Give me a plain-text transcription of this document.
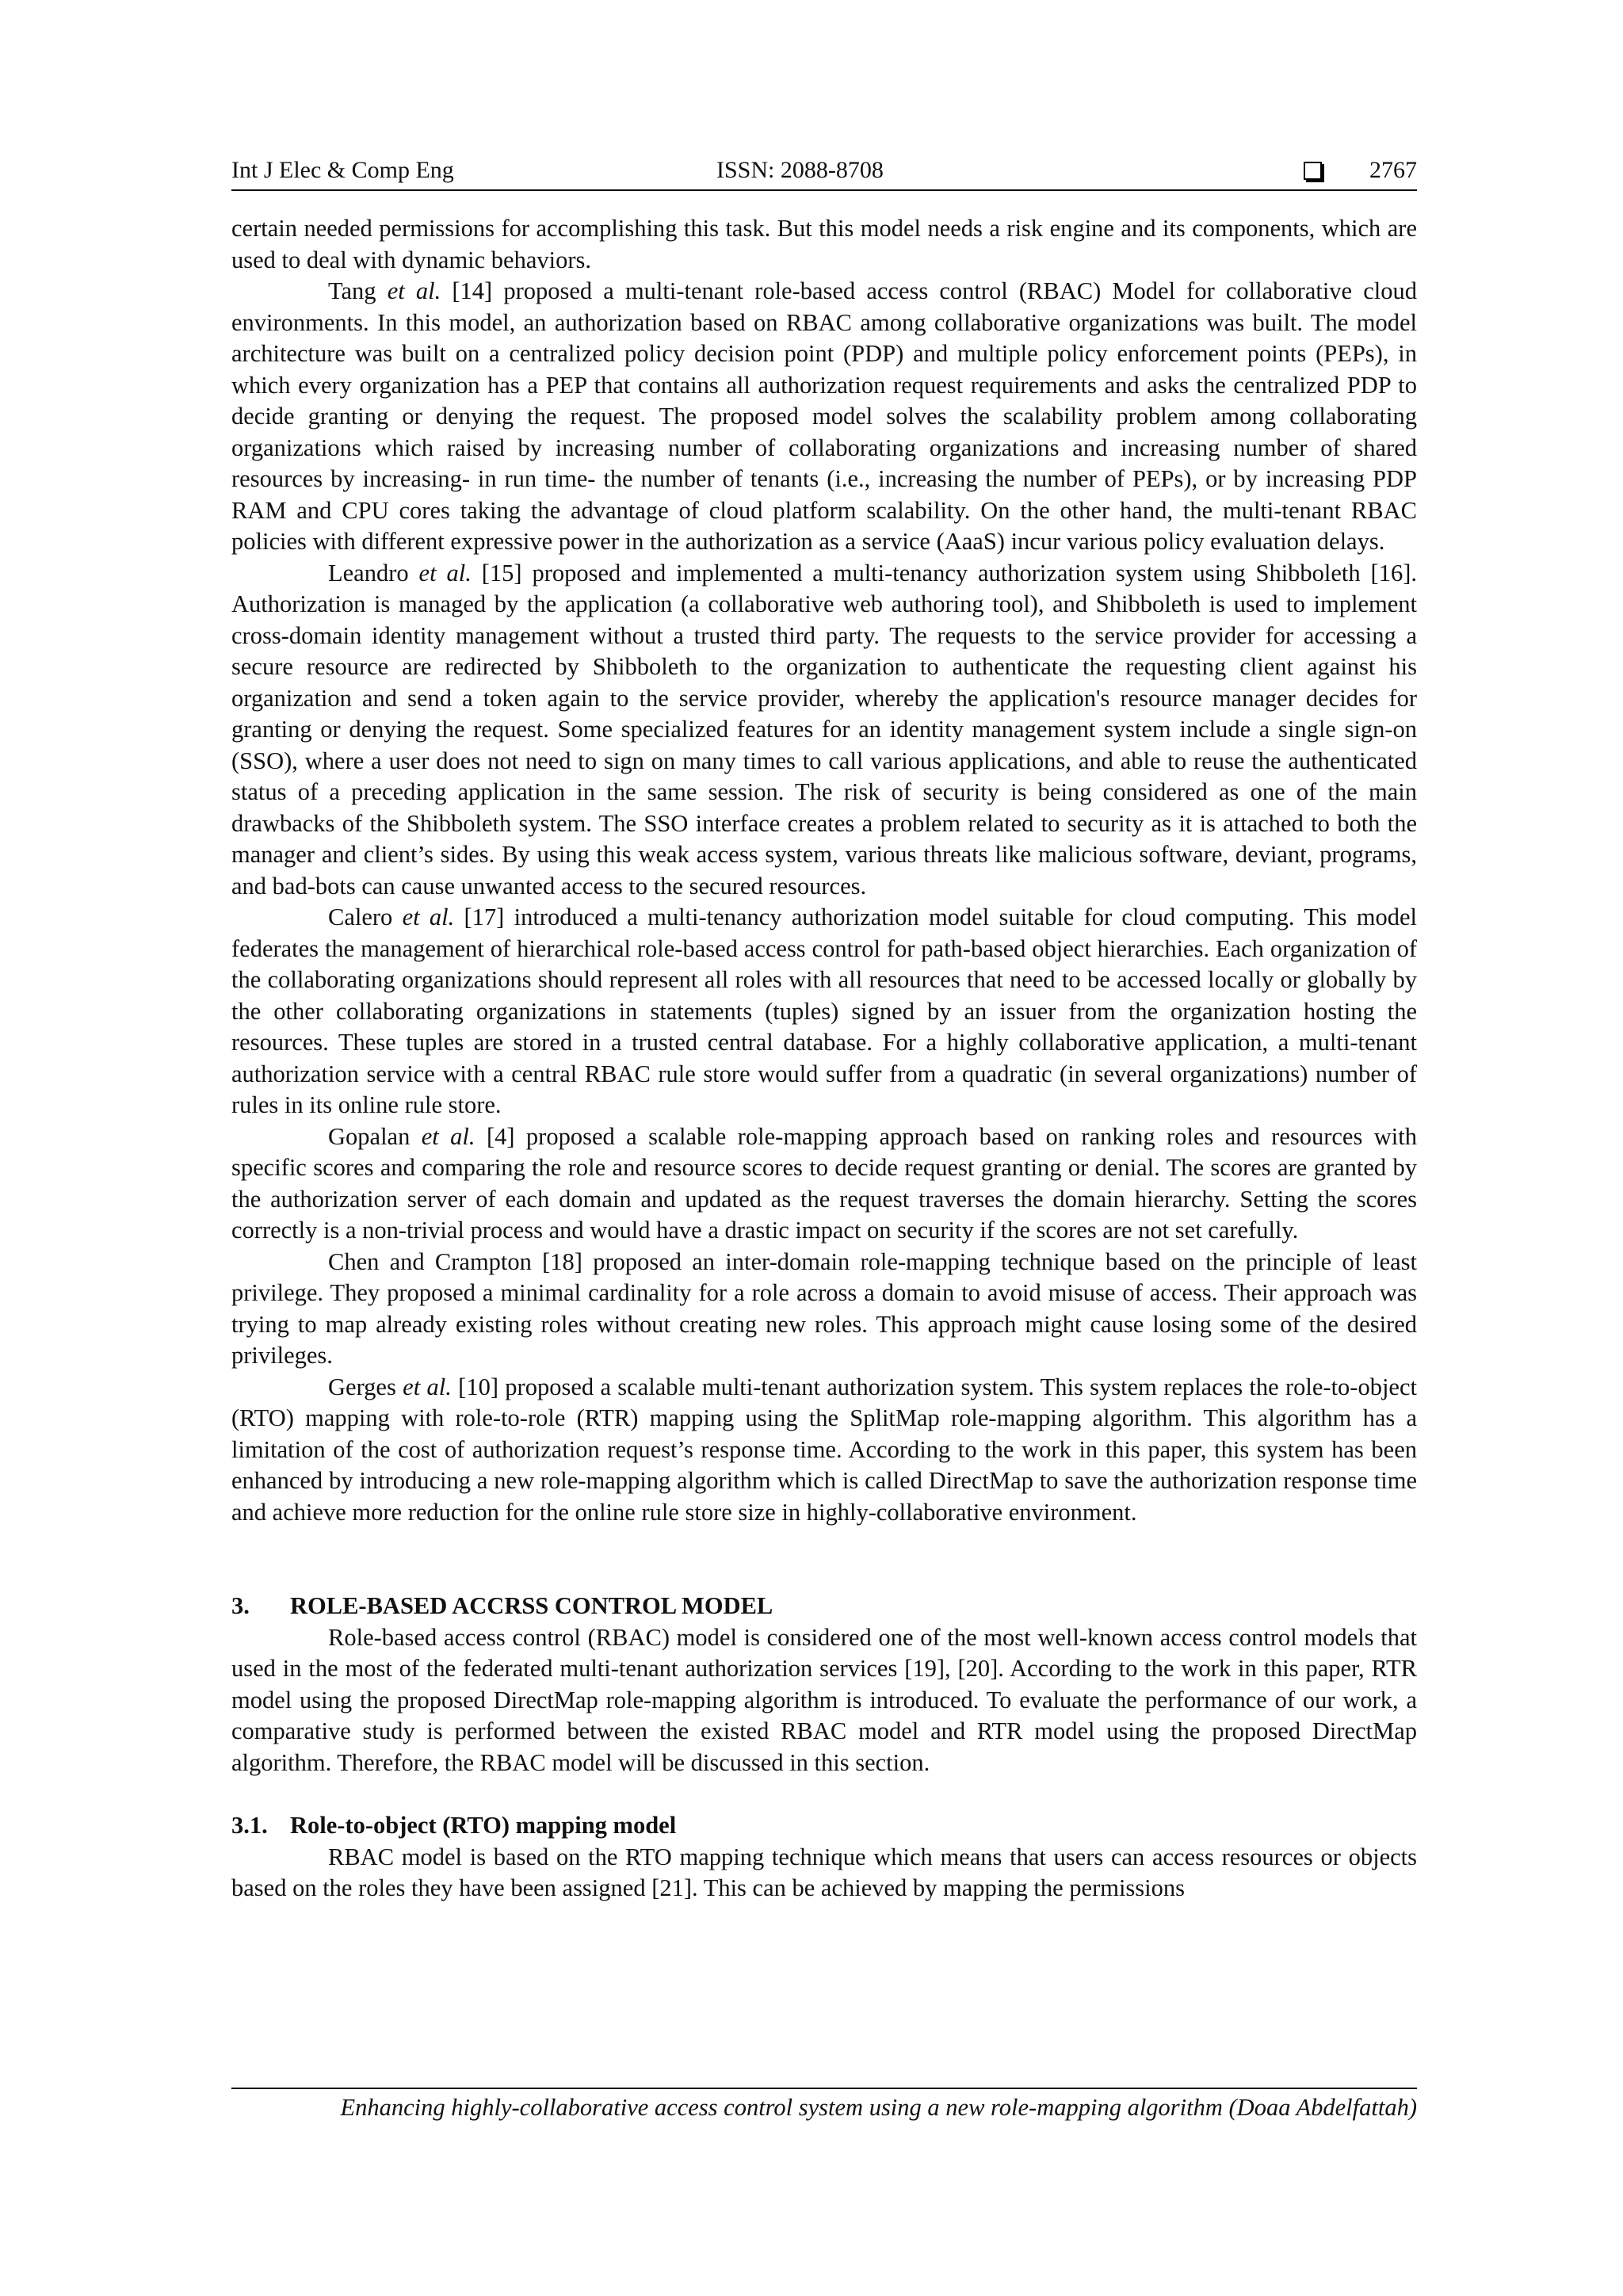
Int J Elec & Comp Eng	ISSN: 2088-8708	2767

certain needed permissions for accomplishing this task. But this model needs a risk engine and its components, which are used to deal with dynamic behaviors.

Tang et al. [14] proposed a multi-tenant role-based access control (RBAC) Model for collaborative cloud environments. In this model, an authorization based on RBAC among collaborative organizations was built. The model architecture was built on a centralized policy decision point (PDP) and multiple policy enforcement points (PEPs), in which every organization has a PEP that contains all authorization request requirements and asks the centralized PDP to decide granting or denying the request. The proposed model solves the scalability problem among collaborating organizations which raised by increasing number of collaborating organizations and increasing number of shared resources by increasing- in run time- the number of tenants (i.e., increasing the number of PEPs), or by increasing PDP RAM and CPU cores taking the advantage of cloud platform scalability. On the other hand, the multi-tenant RBAC policies with different expressive power in the authorization as a service (AaaS) incur various policy evaluation delays.

Leandro et al. [15] proposed and implemented a multi-tenancy authorization system using Shibboleth [16]. Authorization is managed by the application (a collaborative web authoring tool), and Shibboleth is used to implement cross-domain identity management without a trusted third party. The requests to the service provider for accessing a secure resource are redirected by Shibboleth to the organization to authenticate the requesting client against his organization and send a token again to the service provider, whereby the application's resource manager decides for granting or denying the request. Some specialized features for an identity management system include a single sign-on (SSO), where a user does not need to sign on many times to call various applications, and able to reuse the authenticated status of a preceding application in the same session. The risk of security is being considered as one of the main drawbacks of the Shibboleth system. The SSO interface creates a problem related to security as it is attached to both the manager and client’s sides. By using this weak access system, various threats like malicious software, deviant, programs, and bad-bots can cause unwanted access to the secured resources.

Calero et al. [17] introduced a multi-tenancy authorization model suitable for cloud computing. This model federates the management of hierarchical role-based access control for path-based object hierarchies. Each organization of the collaborating organizations should represent all roles with all resources that need to be accessed locally or globally by the other collaborating organizations in statements (tuples) signed by an issuer from the organization hosting the resources. These tuples are stored in a trusted central database. For a highly collaborative application, a multi-tenant authorization service with a central RBAC rule store would suffer from a quadratic (in several organizations) number of rules in its online rule store.

Gopalan et al. [4] proposed a scalable role-mapping approach based on ranking roles and resources with specific scores and comparing the role and resource scores to decide request granting or denial. The scores are granted by the authorization server of each domain and updated as the request traverses the domain hierarchy. Setting the scores correctly is a non-trivial process and would have a drastic impact on security if the scores are not set carefully.

Chen and Crampton [18] proposed an inter-domain role-mapping technique based on the principle of least privilege. They proposed a minimal cardinality for a role across a domain to avoid misuse of access. Their approach was trying to map already existing roles without creating new roles. This approach might cause losing some of the desired privileges.

Gerges et al. [10] proposed a scalable multi-tenant authorization system. This system replaces the role-to-object (RTO) mapping with role-to-role (RTR) mapping using the SplitMap role-mapping algorithm. This algorithm has a limitation of the cost of authorization request’s response time. According to the work in this paper, this system has been enhanced by introducing a new role-mapping algorithm which is called DirectMap to save the authorization response time and achieve more reduction for the online rule store size in highly-collaborative environment.

3. ROLE-BASED ACCRSS CONTROL MODEL

Role-based access control (RBAC) model is considered one of the most well-known access control models that used in the most of the federated multi-tenant authorization services [19], [20]. According to the work in this paper, RTR model using the proposed DirectMap role-mapping algorithm is introduced. To evaluate the performance of our work, a comparative study is performed between the existed RBAC model and RTR model using the proposed DirectMap algorithm. Therefore, the RBAC model will be discussed in this section.

3.1. Role-to-object (RTO) mapping model

RBAC model is based on the RTO mapping technique which means that users can access resources or objects based on the roles they have been assigned [21]. This can be achieved by mapping the permissions

Enhancing highly-collaborative access control system using a new role-mapping algorithm (Doaa Abdelfattah)
